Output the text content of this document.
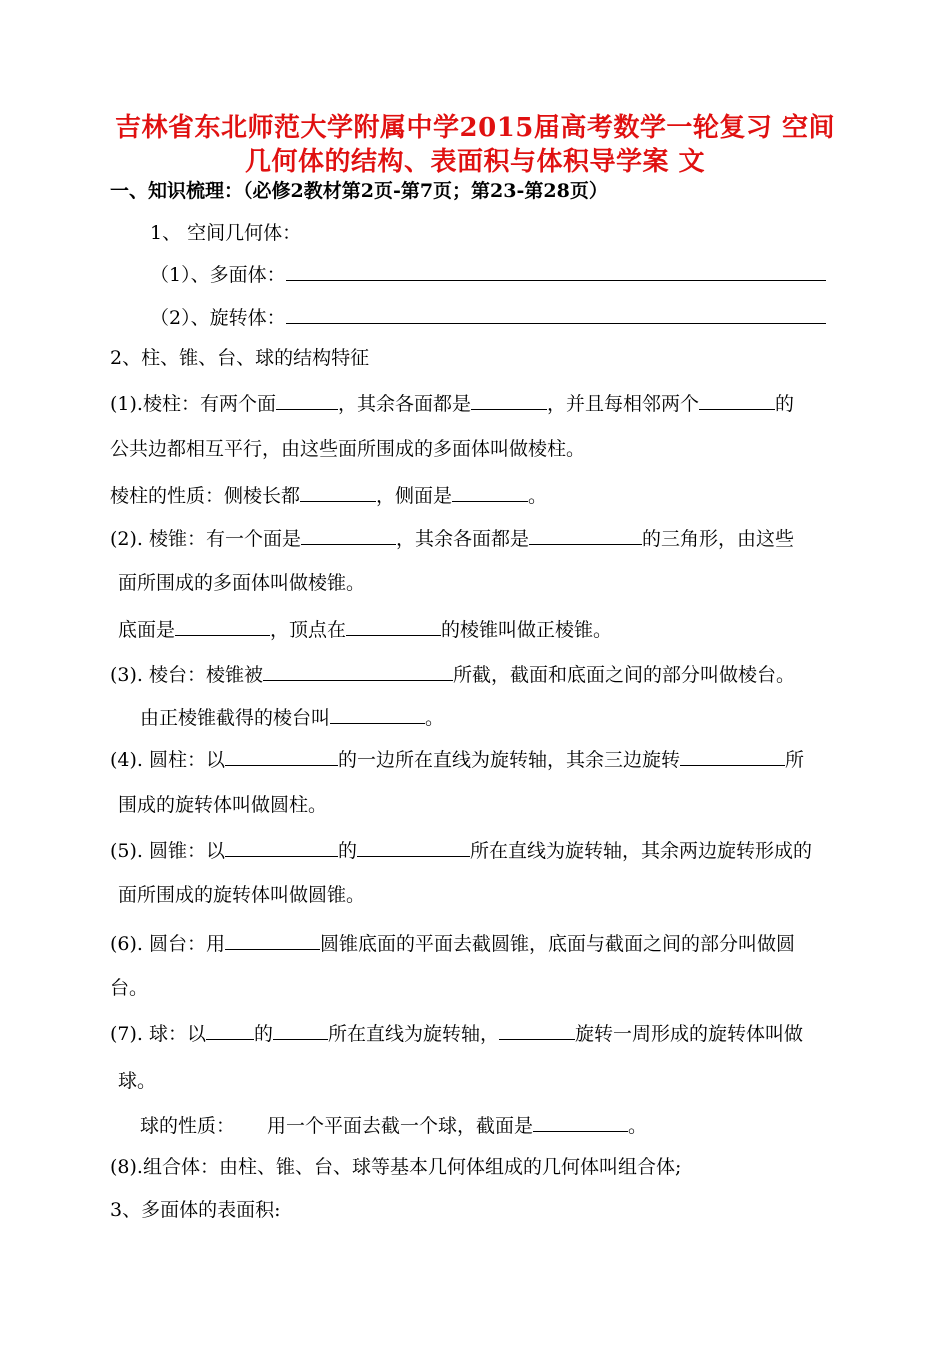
吉林省东北师范大学附属中学2015届高考数学一轮复习 空间
几何体的结构、表面积与体积导学案 文
一、知识梳理：（必修2教材第2页-第7页；第23-第28页）
1、 空间几何体：
（1）、多面体：
（2）、旋转体：
2、柱、锥、台、球的结构特征
(1).棱柱：有两个面	，其余各面都是	，并且每相邻两个	的
公共边都相互平行，由这些面所围成的多面体叫做棱柱。
棱柱的性质：侧棱长都	，侧面是	。
(2). 棱锥：有一个面是	，其余各面都是	的三角形，由这些
面所围成的多面体叫做棱锥。
底面是	，顶点在	的棱锥叫做正棱锥。
(3). 棱台：棱锥被	所截，截面和底面之间的部分叫做棱台。
由正棱锥截得的棱台叫	。
(4). 圆柱：以	的一边所在直线为旋转轴，其余三边旋转	所
围成的旋转体叫做圆柱。
(5). 圆锥：以	的	所在直线为旋转轴，其余两边旋转形成的
面所围成的旋转体叫做圆锥。
(6). 圆台：用	圆锥底面的平面去截圆锥，底面与截面之间的部分叫做圆
台。
(7). 球：以	的	所在直线为旋转轴，	旋转一周形成的旋转体叫做
球。
球的性质： 用一个平面去截一个球，截面是	。
(8).组合体：由柱、锥、台、球等基本几何体组成的几何体叫组合体;
3、多面体的表面积:
